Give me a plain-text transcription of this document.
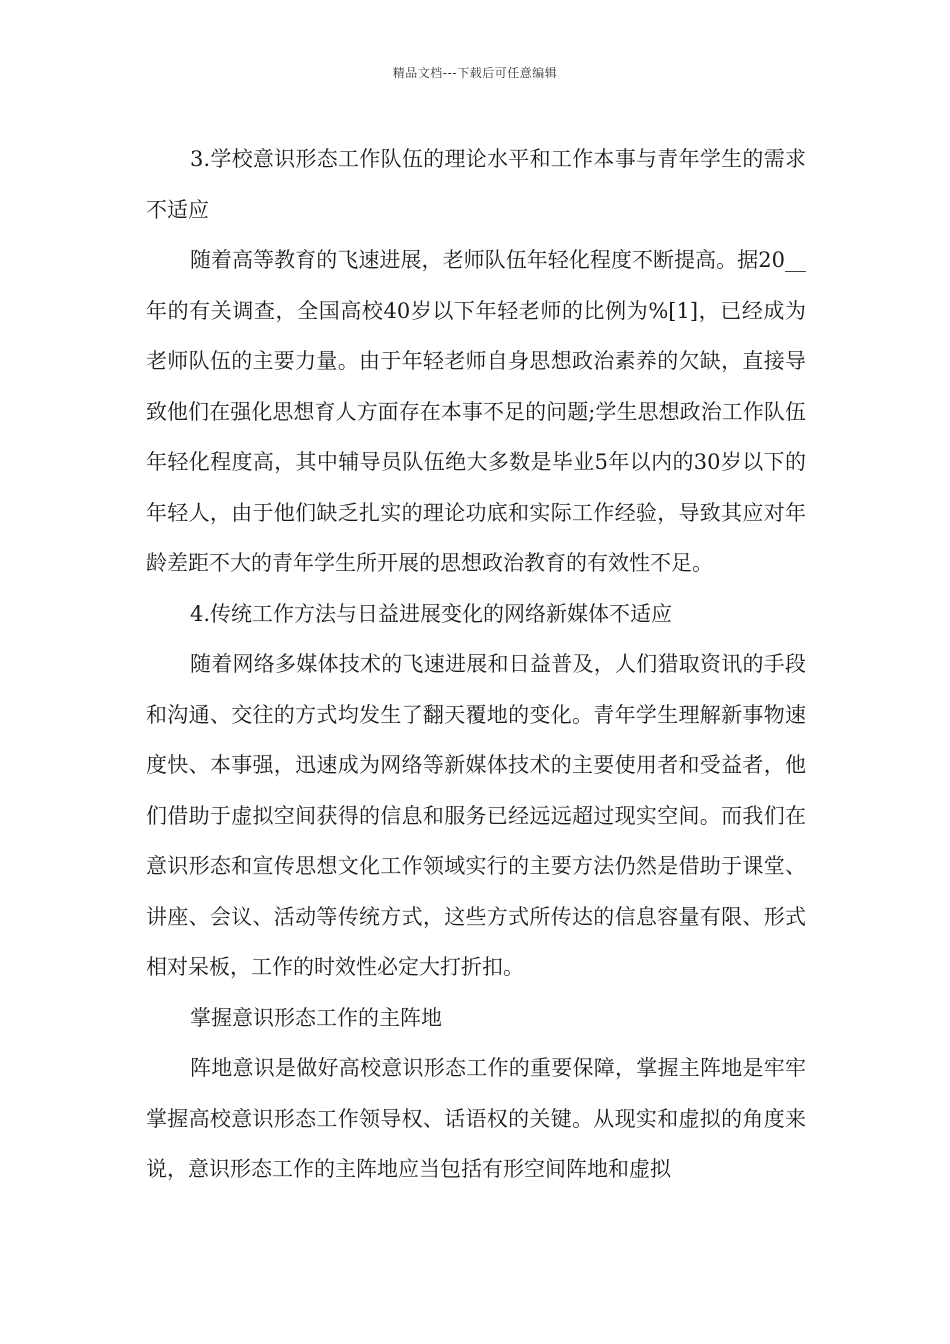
精品文档---下载后可任意编辑

3.学校意识形态工作队伍的理论水平和工作本事与青年学生的需求不适应

随着高等教育的飞速进展，老师队伍年轻化程度不断提高。据20__年的有关调查，全国高校40岁以下年轻老师的比例为%[1]，已经成为老师队伍的主要力量。由于年轻老师自身思想政治素养的欠缺，直接导致他们在强化思想育人方面存在本事不足的问题;学生思想政治工作队伍年轻化程度高，其中辅导员队伍绝大多数是毕业5年以内的30岁以下的年轻人，由于他们缺乏扎实的理论功底和实际工作经验，导致其应对年龄差距不大的青年学生所开展的思想政治教育的有效性不足。

4.传统工作方法与日益进展变化的网络新媒体不适应

随着网络多媒体技术的飞速进展和日益普及，人们猎取资讯的手段和沟通、交往的方式均发生了翻天覆地的变化。青年学生理解新事物速度快、本事强，迅速成为网络等新媒体技术的主要使用者和受益者，他们借助于虚拟空间获得的信息和服务已经远远超过现实空间。而我们在意识形态和宣传思想文化工作领域实行的主要方法仍然是借助于课堂、讲座、会议、活动等传统方式，这些方式所传达的信息容量有限、形式相对呆板，工作的时效性必定大打折扣。

掌握意识形态工作的主阵地

阵地意识是做好高校意识形态工作的重要保障，掌握主阵地是牢牢掌握高校意识形态工作领导权、话语权的关键。从现实和虚拟的角度来说，意识形态工作的主阵地应当包括有形空间阵地和虚拟
